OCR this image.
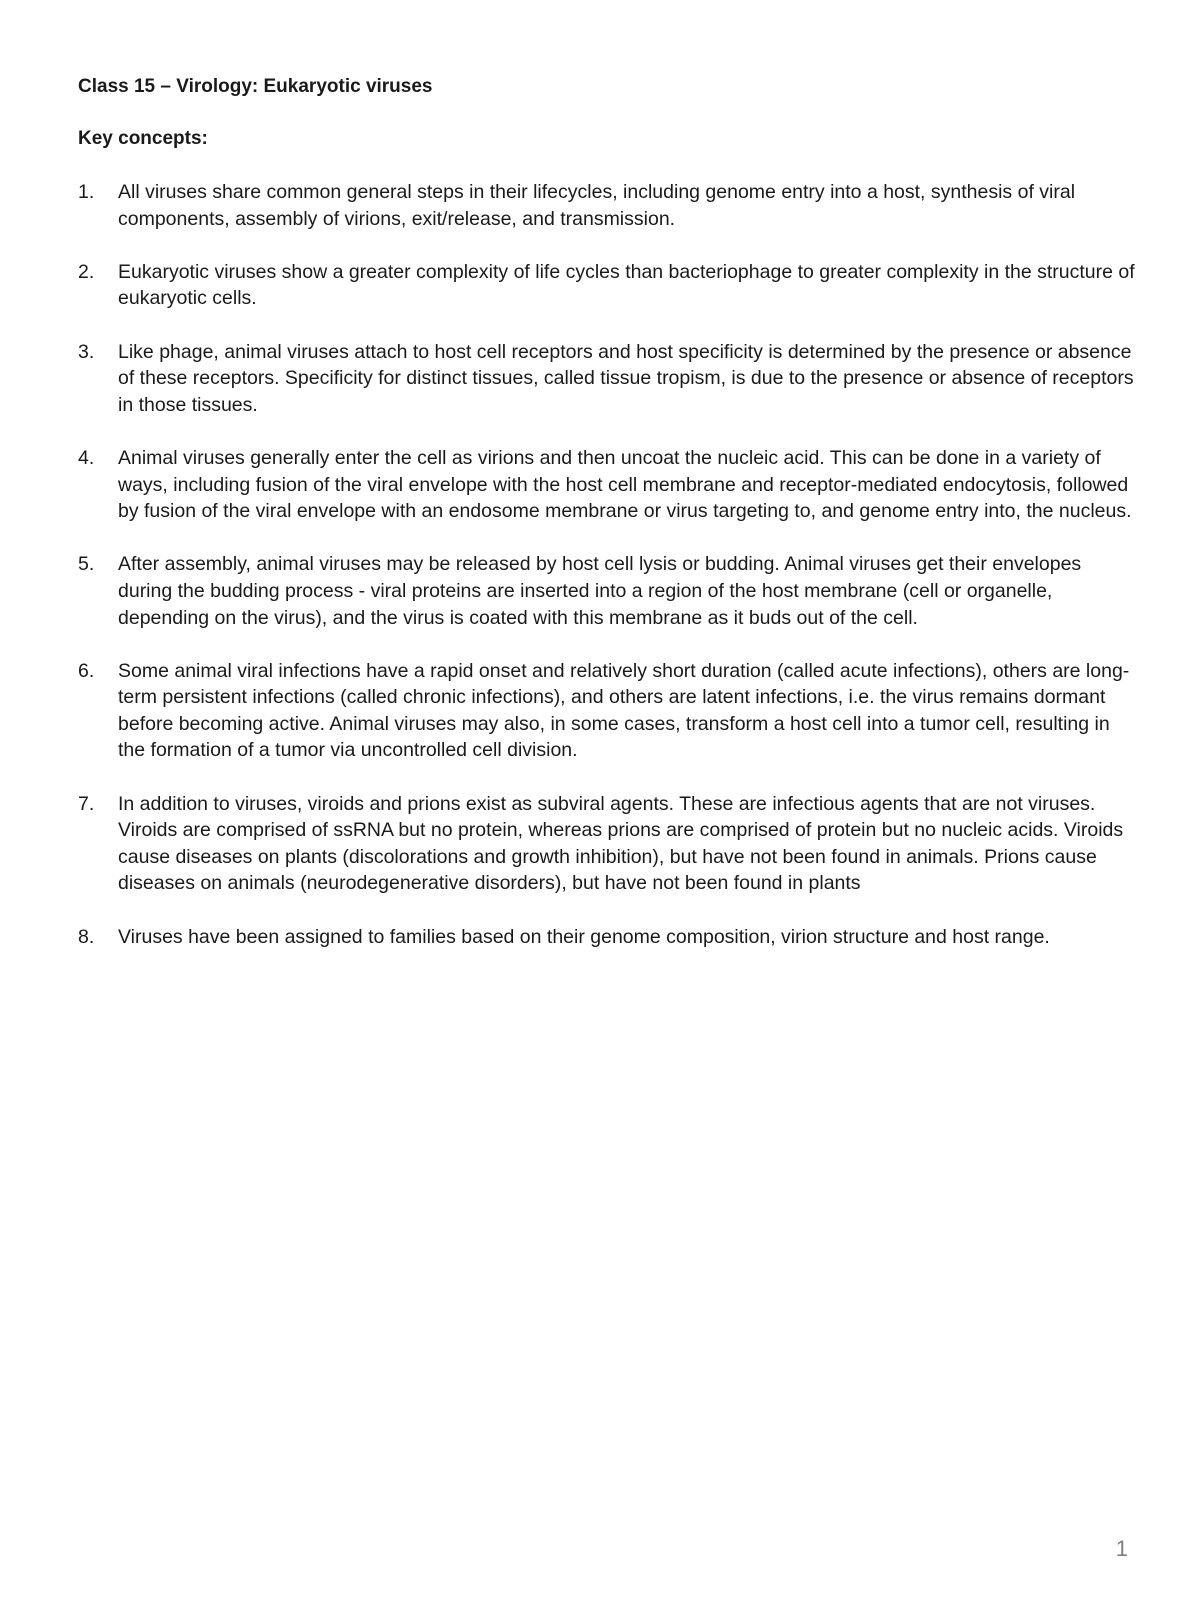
Class 15 – Virology: Eukaryotic viruses
Key concepts:
1.	All viruses share common general steps in their lifecycles, including genome entry into a host, synthesis of viral components, assembly of virions, exit/release, and transmission.
2.	Eukaryotic viruses show a greater complexity of life cycles than bacteriophage to greater complexity in the structure of eukaryotic cells.
3.	Like phage, animal viruses attach to host cell receptors and host specificity is determined by the presence or absence of these receptors. Specificity for distinct tissues, called tissue tropism, is due to the presence or absence of receptors in those tissues.
4.	Animal viruses generally enter the cell as virions and then uncoat the nucleic acid. This can be done in a variety of ways, including fusion of the viral envelope with the host cell membrane and receptor-mediated endocytosis, followed by fusion of the viral envelope with an endosome membrane or virus targeting to, and genome entry into, the nucleus.
5.	After assembly, animal viruses may be released by host cell lysis or budding. Animal viruses get their envelopes during the budding process - viral proteins are inserted into a region of the host membrane (cell or organelle, depending on the virus), and the virus is coated with this membrane as it buds out of the cell.
6.	Some animal viral infections have a rapid onset and relatively short duration (called acute infections), others are long-term persistent infections (called chronic infections), and others are latent infections, i.e. the virus remains dormant before becoming active. Animal viruses may also, in some cases, transform a host cell into a tumor cell, resulting in the formation of a tumor via uncontrolled cell division.
7.	In addition to viruses, viroids and prions exist as subviral agents. These are infectious agents that are not viruses. Viroids are comprised of ssRNA but no protein, whereas prions are comprised of protein but no nucleic acids. Viroids cause diseases on plants (discolorations and growth inhibition), but have not been found in animals. Prions cause diseases on animals (neurodegenerative disorders), but have not been found in plants
8.	Viruses have been assigned to families based on their genome composition, virion structure and host range.
1
